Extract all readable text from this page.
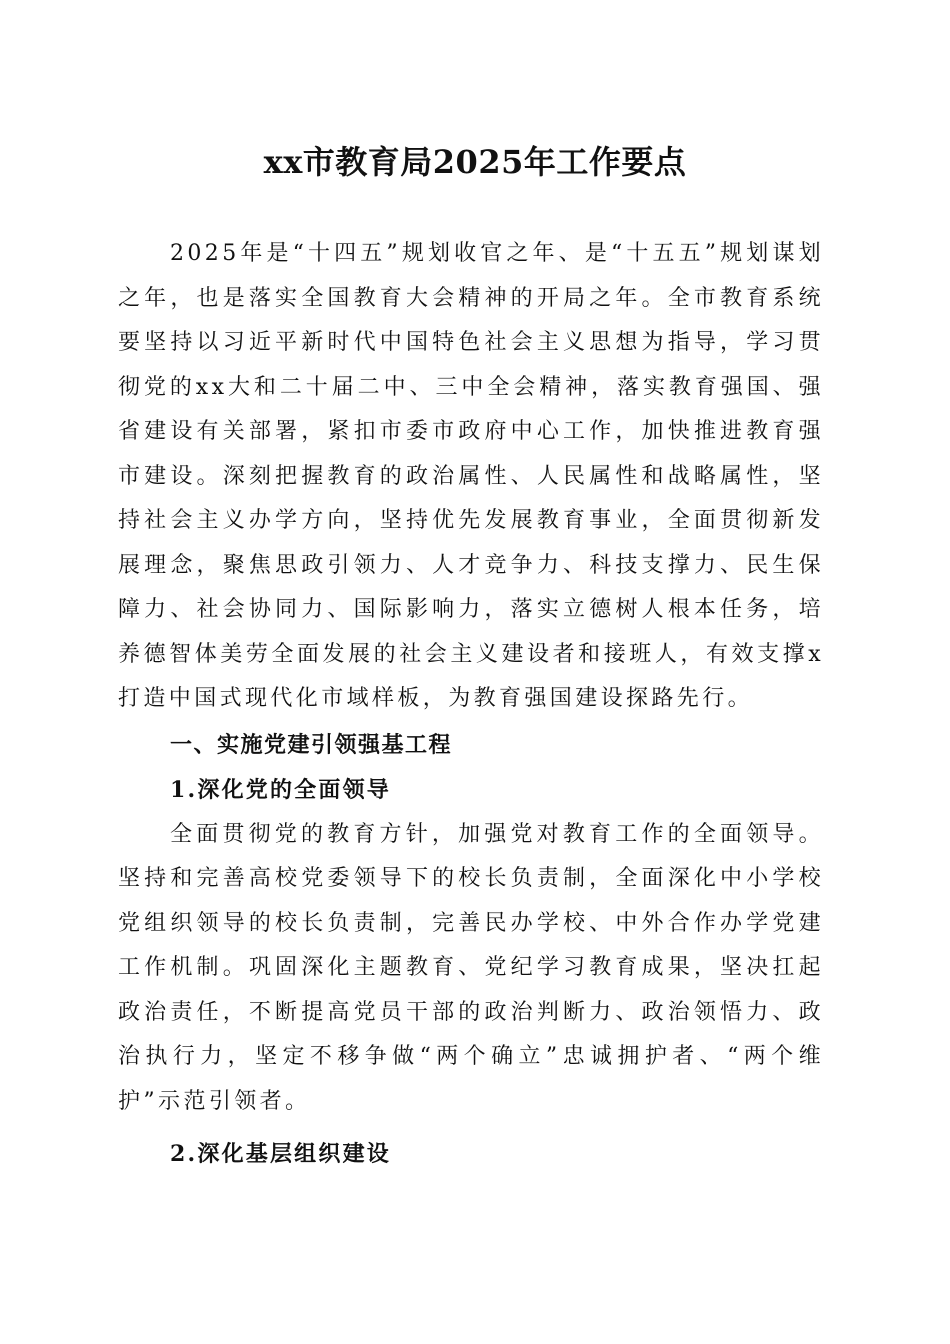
xx市教育局2025年工作要点

2025年是“十四五”规划收官之年、是“十五五”规划谋划之年，也是落实全国教育大会精神的开局之年。全市教育系统要坚持以习近平新时代中国特色社会主义思想为指导，学习贯彻党的xx大和二十届二中、三中全会精神，落实教育强国、强省建设有关部署，紧扣市委市政府中心工作，加快推进教育强市建设。深刻把握教育的政治属性、人民属性和战略属性，坚持社会主义办学方向，坚持优先发展教育事业，全面贯彻新发展理念，聚焦思政引领力、人才竞争力、科技支撑力、民生保障力、社会协同力、国际影响力，落实立德树人根本任务，培养德智体美劳全面发展的社会主义建设者和接班人，有效支撑x打造中国式现代化市域样板，为教育强国建设探路先行。

一、实施党建引领强基工程
1.深化党的全面领导

全面贯彻党的教育方针，加强党对教育工作的全面领导。坚持和完善高校党委领导下的校长负责制，全面深化中小学校党组织领导的校长负责制，完善民办学校、中外合作办学党建工作机制。巩固深化主题教育、党纪学习教育成果，坚决扛起政治责任，不断提高党员干部的政治判断力、政治领悟力、政治执行力，坚定不移争做“两个确立”忠诚拥护者、“两个维护”示范引领者。

2.深化基层组织建设
